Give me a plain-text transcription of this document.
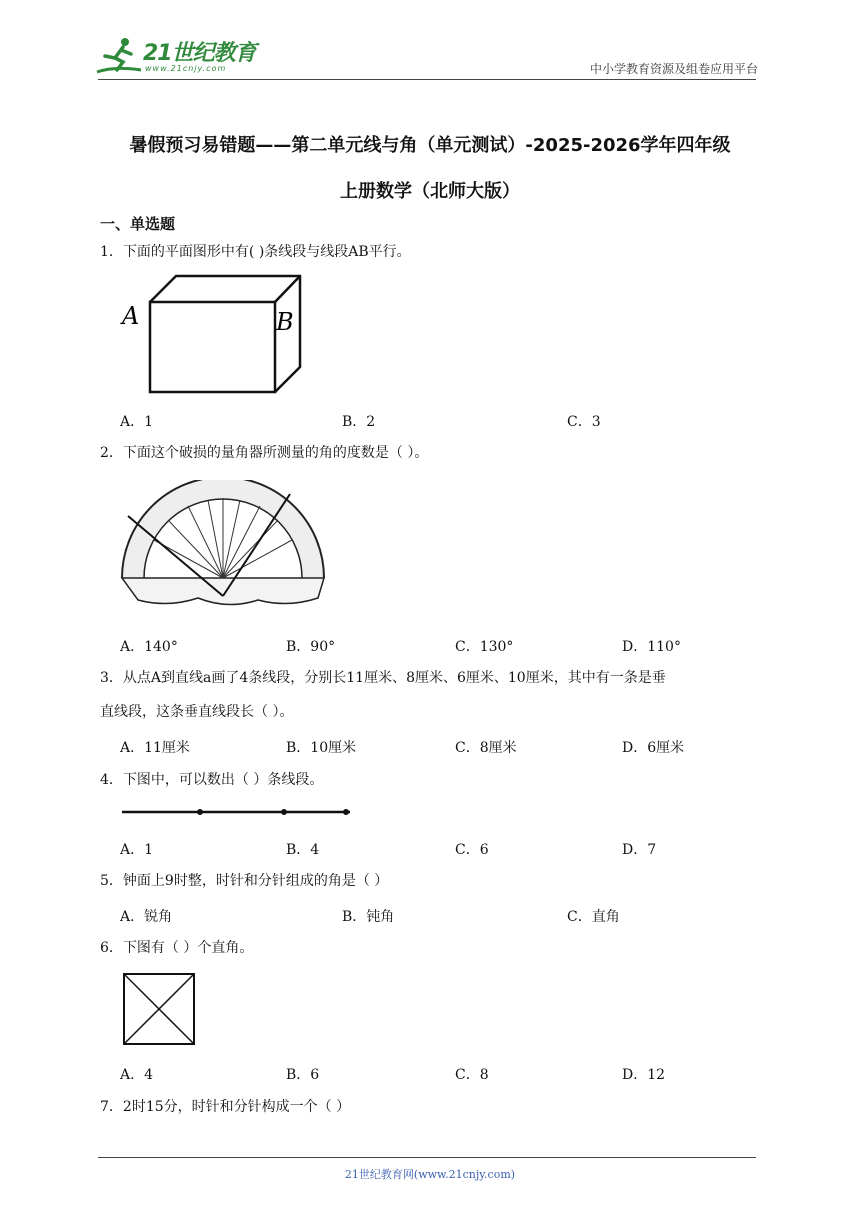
21世纪教育
www.21cnjy.com	中小学教育资源及组卷应用平台
暑假预习易错题——第二单元线与角（单元测试）-2025-2026学年四年级
上册数学（北师大版）
一、单选题
1．下面的平面图形中有( )条线段与线段AB平行。
A	B
A．1	B．2	C．3
2．下面这个破损的量角器所测量的角的度数是（ ）。
A．140°	B．90°	C．130°	D．110°
3．从点A到直线a画了4条线段，分别长11厘米、8厘米、6厘米、10厘米，其中有一条是垂
直线段，这条垂直线段长（ ）。
A．11厘米	B．10厘米	C．8厘米	D．6厘米
4．下图中，可以数出（ ）条线段。
A．1	B．4	C．6	D．7
5．钟面上9时整，时针和分针组成的角是（ ）
A．锐角	B．钝角	C．直角
6．下图有（ ）个直角。
A．4	B．6	C．8	D．12
7．2时15分，时针和分针构成一个（ ）
21世纪教育网(www.21cnjy.com)
